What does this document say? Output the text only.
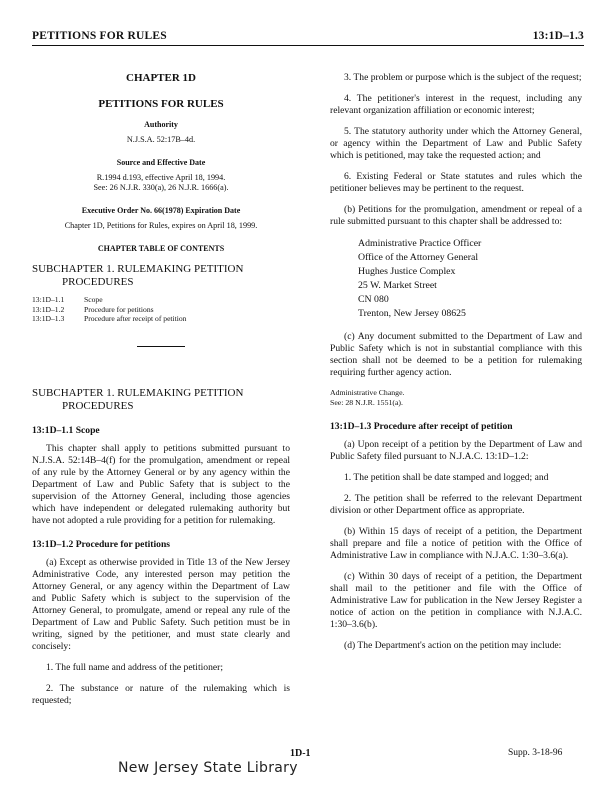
PETITIONS FOR RULES	13:1D–1.3
CHAPTER 1D
PETITIONS FOR RULES

Authority

N.J.S.A. 52:17B–4d.

Source and Effective Date

R.1994 d.193, effective April 18, 1994.

See: 26 N.J.R. 330(a), 26 N.J.R. 1666(a).

Executive Order No. 66(1978) Expiration Date

Chapter 1D, Petitions for Rules, expires on April 18, 1999.

CHAPTER TABLE OF CONTENTS

SUBCHAPTER 1. RULEMAKING PETITION PROCEDURES
13:1D–1.1	Scope
13:1D–1.2	Procedure for petitions
13:1D–1.3	Procedure after receipt of petition
SUBCHAPTER 1. RULEMAKING PETITION PROCEDURES
13:1D–1.1 Scope

This chapter shall apply to petitions submitted pursuant to N.J.S.A. 52:14B–4(f) for the promulgation, amendment or repeal of any rule by the Attorney General or by any agency within the Department of Law and Public Safety that is subject to the supervision of the Attorney General, including those agencies which have independent or delegated rulemaking authority but have not adopted a rule providing for a petition for rulemaking.

13:1D–1.2 Procedure for petitions

(a) Except as otherwise provided in Title 13 of the New Jersey Administrative Code, any interested person may petition the Attorney General, or any agency within the Department of Law and Public Safety which is subject to the supervision of the Attorney General, to promulgate, amend or repeal any rule of the Department of Law and Public Safety. Such petition must be in writing, signed by the petitioner, and must state clearly and concisely:

1. The full name and address of the petitioner;

2. The substance or nature of the rulemaking which is requested;

3. The problem or purpose which is the subject of the request;

4. The petitioner's interest in the request, including any relevant organization affiliation or economic interest;

5. The statutory authority under which the Attorney General, or agency within the Department of Law and Public Safety which is petitioned, may take the requested action; and

6. Existing Federal or State statutes and rules which the petitioner believes may be pertinent to the request.

(b) Petitions for the promulgation, amendment or repeal of a rule submitted pursuant to this chapter shall be addressed to:

Administrative Practice Officer
Office of the Attorney General
Hughes Justice Complex
25 W. Market Street
CN 080
Trenton, New Jersey 08625

(c) Any document submitted to the Department of Law and Public Safety which is not in substantial compliance with this section shall not be deemed to be a petition for rulemaking requiring further agency action.

Administrative Change.
See: 28 N.J.R. 1551(a).
13:1D–1.3 Procedure after receipt of petition

(a) Upon receipt of a petition by the Department of Law and Public Safety filed pursuant to N.J.A.C. 13:1D–1.2:

1. The petition shall be date stamped and logged; and

2. The petition shall be referred to the relevant Department division or other Department office as appropriate.

(b) Within 15 days of receipt of a petition, the Department shall prepare and file a notice of petition with the Office of Administrative Law in compliance with N.J.A.C. 1:30–3.6(a).

(c) Within 30 days of receipt of a petition, the Department shall mail to the petitioner and file with the Office of Administrative Law for publication in the New Jersey Register a notice of action on the petition in compliance with N.J.A.C. 1:30–3.6(b).

(d) The Department's action on the petition may include:

1D-1	Supp. 3-18-96
New Jersey State Library
